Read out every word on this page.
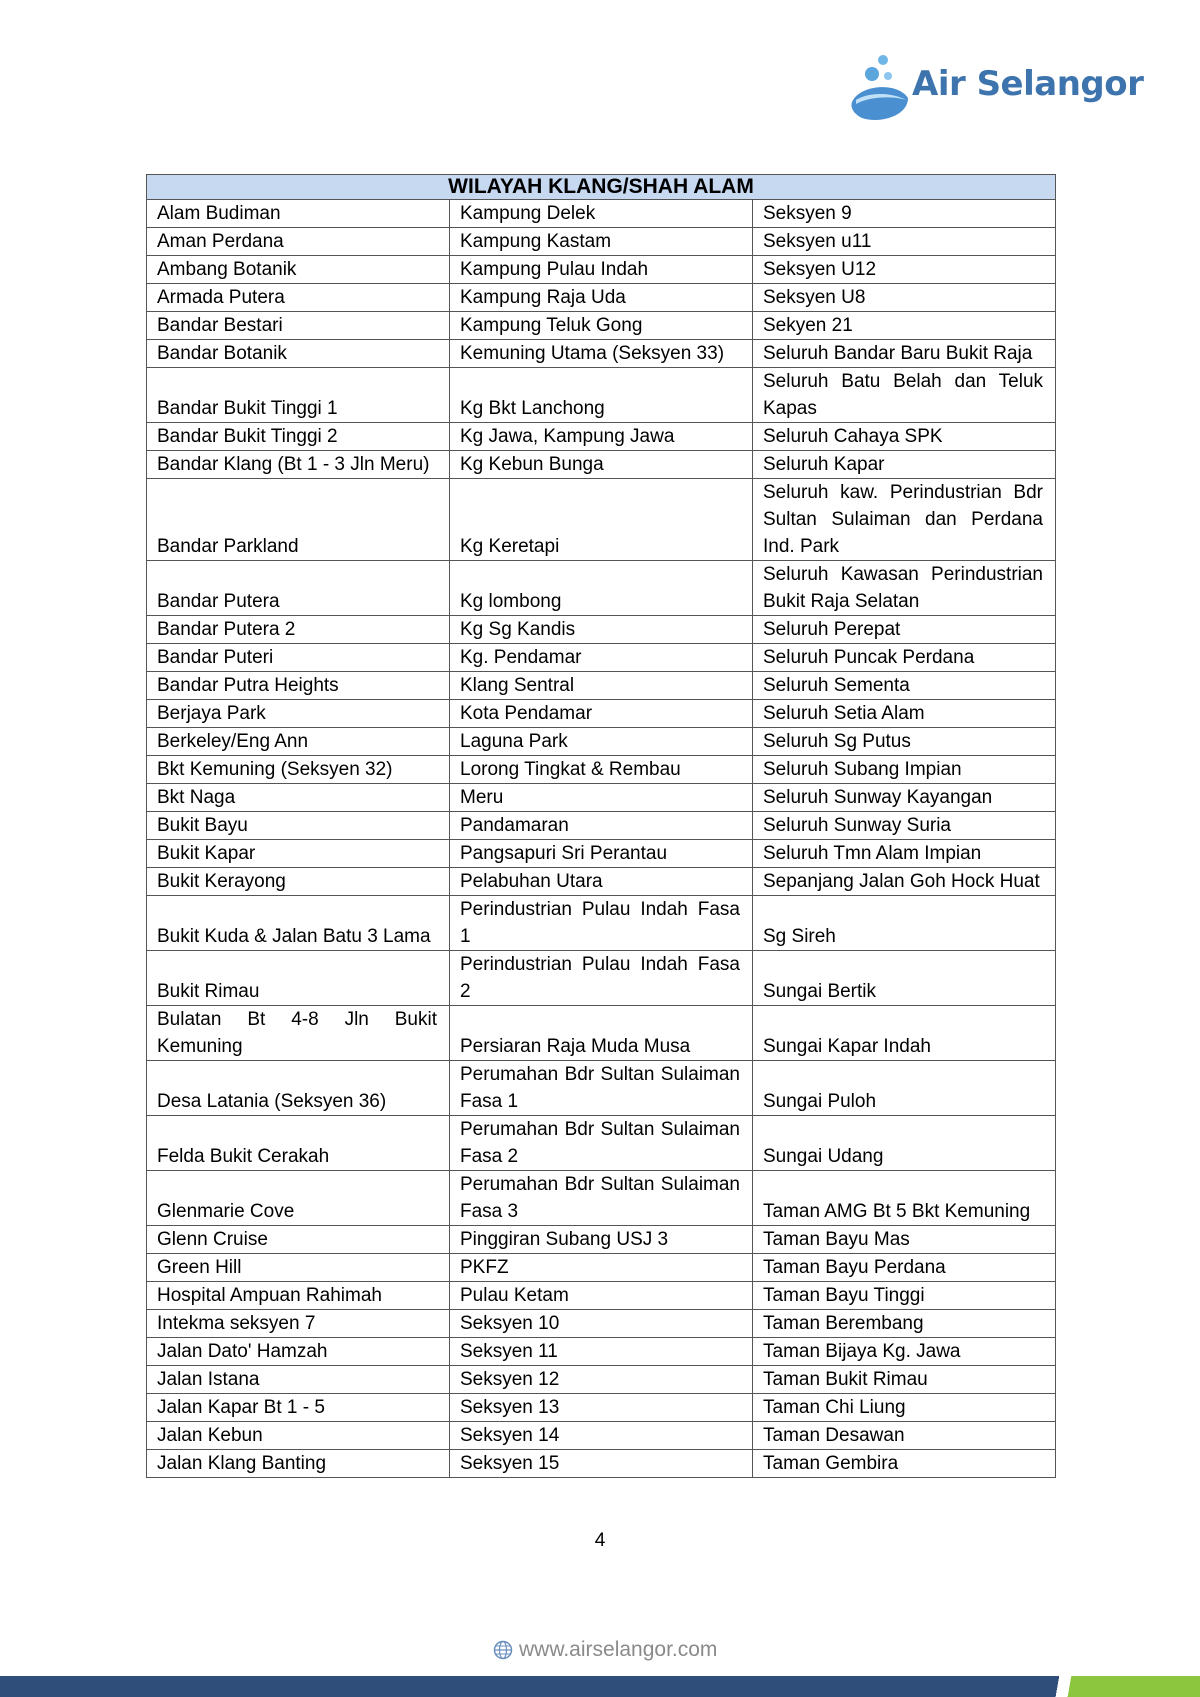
Air Selangor
WILAYAH KLANG/SHAH ALAM		
Alam Budiman	Kampung Delek	Seksyen 9
Aman Perdana	Kampung Kastam	Seksyen u11
Ambang Botanik	Kampung Pulau Indah	Seksyen U12
Armada Putera	Kampung Raja Uda	Seksyen U8
Bandar Bestari	Kampung Teluk Gong	Sekyen 21
Bandar Botanik	Kemuning Utama (Seksyen 33)	Seluruh Bandar Baru Bukit Raja
Bandar Bukit Tinggi 1	Kg Bkt Lanchong	Seluruh Batu Belah dan Teluk Kapas
Bandar Bukit Tinggi 2	Kg Jawa, Kampung Jawa	Seluruh Cahaya SPK
Bandar Klang (Bt 1 - 3 Jln Meru)	Kg Kebun Bunga	Seluruh Kapar
Bandar Parkland	Kg Keretapi	Seluruh kaw. Perindustrian Bdr Sultan Sulaiman dan Perdana Ind. Park
Bandar Putera	Kg lombong	Seluruh Kawasan Perindustrian Bukit Raja Selatan
Bandar Putera 2	Kg Sg Kandis	Seluruh Perepat
Bandar Puteri	Kg. Pendamar	Seluruh Puncak Perdana
Bandar Putra Heights	Klang Sentral	Seluruh Sementa
Berjaya Park	Kota Pendamar	Seluruh Setia Alam
Berkeley/Eng Ann	Laguna Park	Seluruh Sg Putus
Bkt Kemuning (Seksyen 32)	Lorong Tingkat & Rembau	Seluruh Subang Impian
Bkt Naga	Meru	Seluruh Sunway Kayangan
Bukit Bayu	Pandamaran	Seluruh Sunway Suria
Bukit Kapar	Pangsapuri Sri Perantau	Seluruh Tmn Alam Impian
Bukit Kerayong	Pelabuhan Utara	Sepanjang Jalan Goh Hock Huat
Bukit Kuda & Jalan Batu 3 Lama	Perindustrian Pulau Indah Fasa 1	Sg Sireh
Bukit Rimau	Perindustrian Pulau Indah Fasa 2	Sungai Bertik
Bulatan Bt 4-8 Jln Bukit Kemuning	Persiaran Raja Muda Musa	Sungai Kapar Indah
Desa Latania (Seksyen 36)	Perumahan Bdr Sultan Sulaiman Fasa 1	Sungai Puloh
Felda Bukit Cerakah	Perumahan Bdr Sultan Sulaiman Fasa 2	Sungai Udang
Glenmarie Cove	Perumahan Bdr Sultan Sulaiman Fasa 3	Taman AMG Bt 5 Bkt Kemuning
Glenn Cruise	Pinggiran Subang USJ 3	Taman Bayu Mas
Green Hill	PKFZ	Taman Bayu Perdana
Hospital Ampuan Rahimah	Pulau Ketam	Taman Bayu Tinggi
Intekma seksyen 7	Seksyen 10	Taman Berembang
Jalan Dato' Hamzah	Seksyen 11	Taman Bijaya Kg. Jawa
Jalan Istana	Seksyen 12	Taman Bukit Rimau
Jalan Kapar Bt 1 - 5	Seksyen 13	Taman Chi Liung
Jalan Kebun	Seksyen 14	Taman Desawan
Jalan Klang Banting	Seksyen 15	Taman Gembira
4
www.airselangor.com
